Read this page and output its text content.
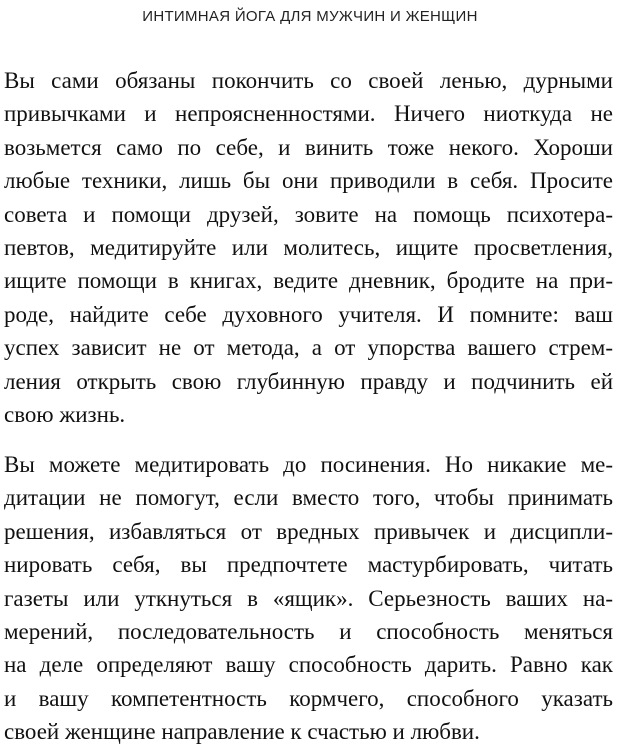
ИНТИМНАЯ ЙОГА ДЛЯ МУЖЧИН И ЖЕНЩИН
Вы сами обязаны покончить со своей ленью, дурными
привычками и непроясненностями. Ничего ниоткуда не
возьмется само по себе, и винить тоже некого. Хороши
любые техники, лишь бы они приводили в себя. Просите
совета и помощи друзей, зовите на помощь психотера-
певтов, медитируйте или молитесь, ищите просветления,
ищите помощи в книгах, ведите дневник, бродите на при-
роде, найдите себе духовного учителя. И помните: ваш
успех зависит не от метода, а от упорства вашего стрем-
ления открыть свою глубинную правду и подчинить ей
свою жизнь.
Вы можете медитировать до посинения. Но никакие ме-
дитации не помогут, если вместо того, чтобы принимать
решения, избавляться от вредных привычек и дисципли-
нировать себя, вы предпочтете мастурбировать, читать
газеты или уткнуться в «ящик». Серьезность ваших на-
мерений, последовательность и способность меняться
на деле определяют вашу способность дарить. Равно как
и вашу компетентность кормчего, способного указать
своей женщине направление к счастью и любви.
